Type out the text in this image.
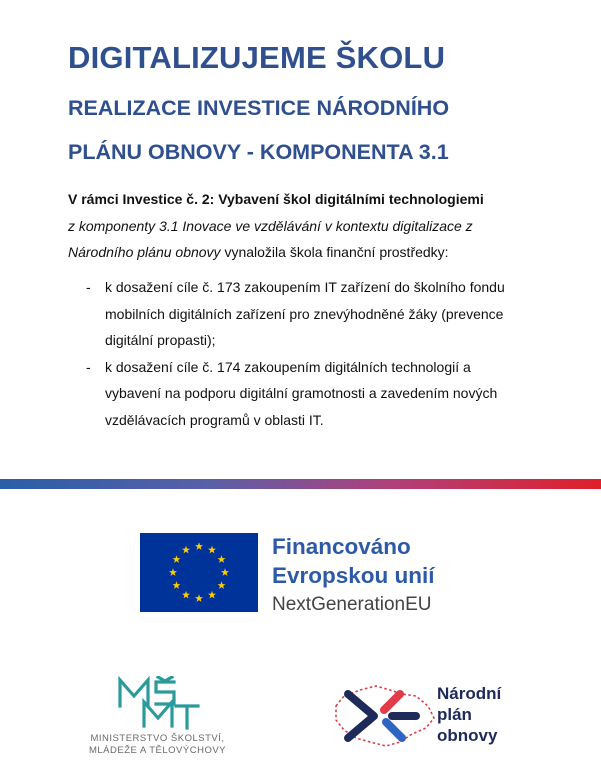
DIGITALIZUJEME ŠKOLU
REALIZACE INVESTICE NÁRODNÍHO
PLÁNU OBNOVY - KOMPONENTA 3.1

V rámci Investice č. 2: Vybavení škol digitálními technologiemi
z komponenty 3.1 Inovace ve vzdělávání v kontextu digitalizace z Národního plánu obnovy vynaložila škola finanční prostředky:

- k dosažení cíle č. 173 zakoupením IT zařízení do školního fondu mobilních digitálních zařízení pro znevýhodněné žáky (prevence digitální propasti);
- k dosažení cíle č. 174 zakoupením digitálních technologií a vybavení na podporu digitální gramotnosti a zavedením nových vzdělávacích programů v oblasti IT.
Financováno
Evropskou unií
NextGenerationEU
MINISTERSTVO ŠKOLSTVÍ,
MLÁDEŽE A TĚLOVÝCHOVY
Národní
plán
obnovy
